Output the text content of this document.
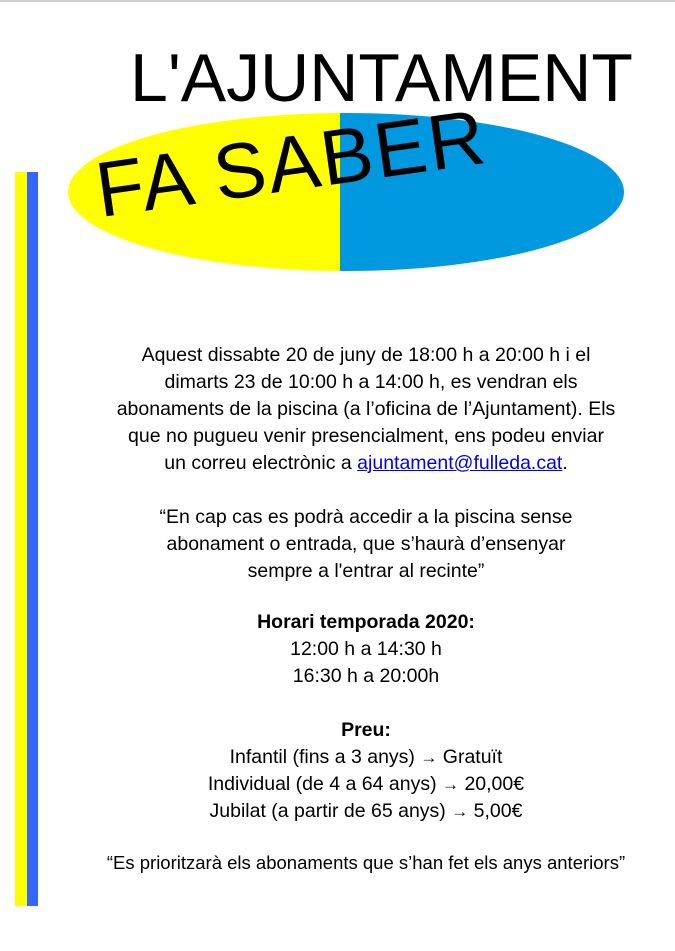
L'AJUNTAMENT
FA SABER

Aquest dissabte 20 de juny de 18:00 h a 20:00 h i el
dimarts 23 de 10:00 h a 14:00 h, es vendran els
abonaments de la piscina (a l’oficina de l’Ajuntament). Els
que no pugueu venir presencialment, ens podeu enviar
un correu electrònic a ajuntament@fulleda.cat.

“En cap cas es podrà accedir a la piscina sense
abonament o entrada, que s’haurà d’ensenyar
sempre a l'entrar al recinte”

Horari temporada 2020:

12:00 h a 14:30 h

16:30 h a 20:00h

Preu:

Infantil (fins a 3 anys) → Gratuït

Individual (de 4 a 64 anys) → 20,00€

Jubilat (a partir de 65 anys) → 5,00€

“Es prioritzarà els abonaments que s’han fet els anys anteriors”
